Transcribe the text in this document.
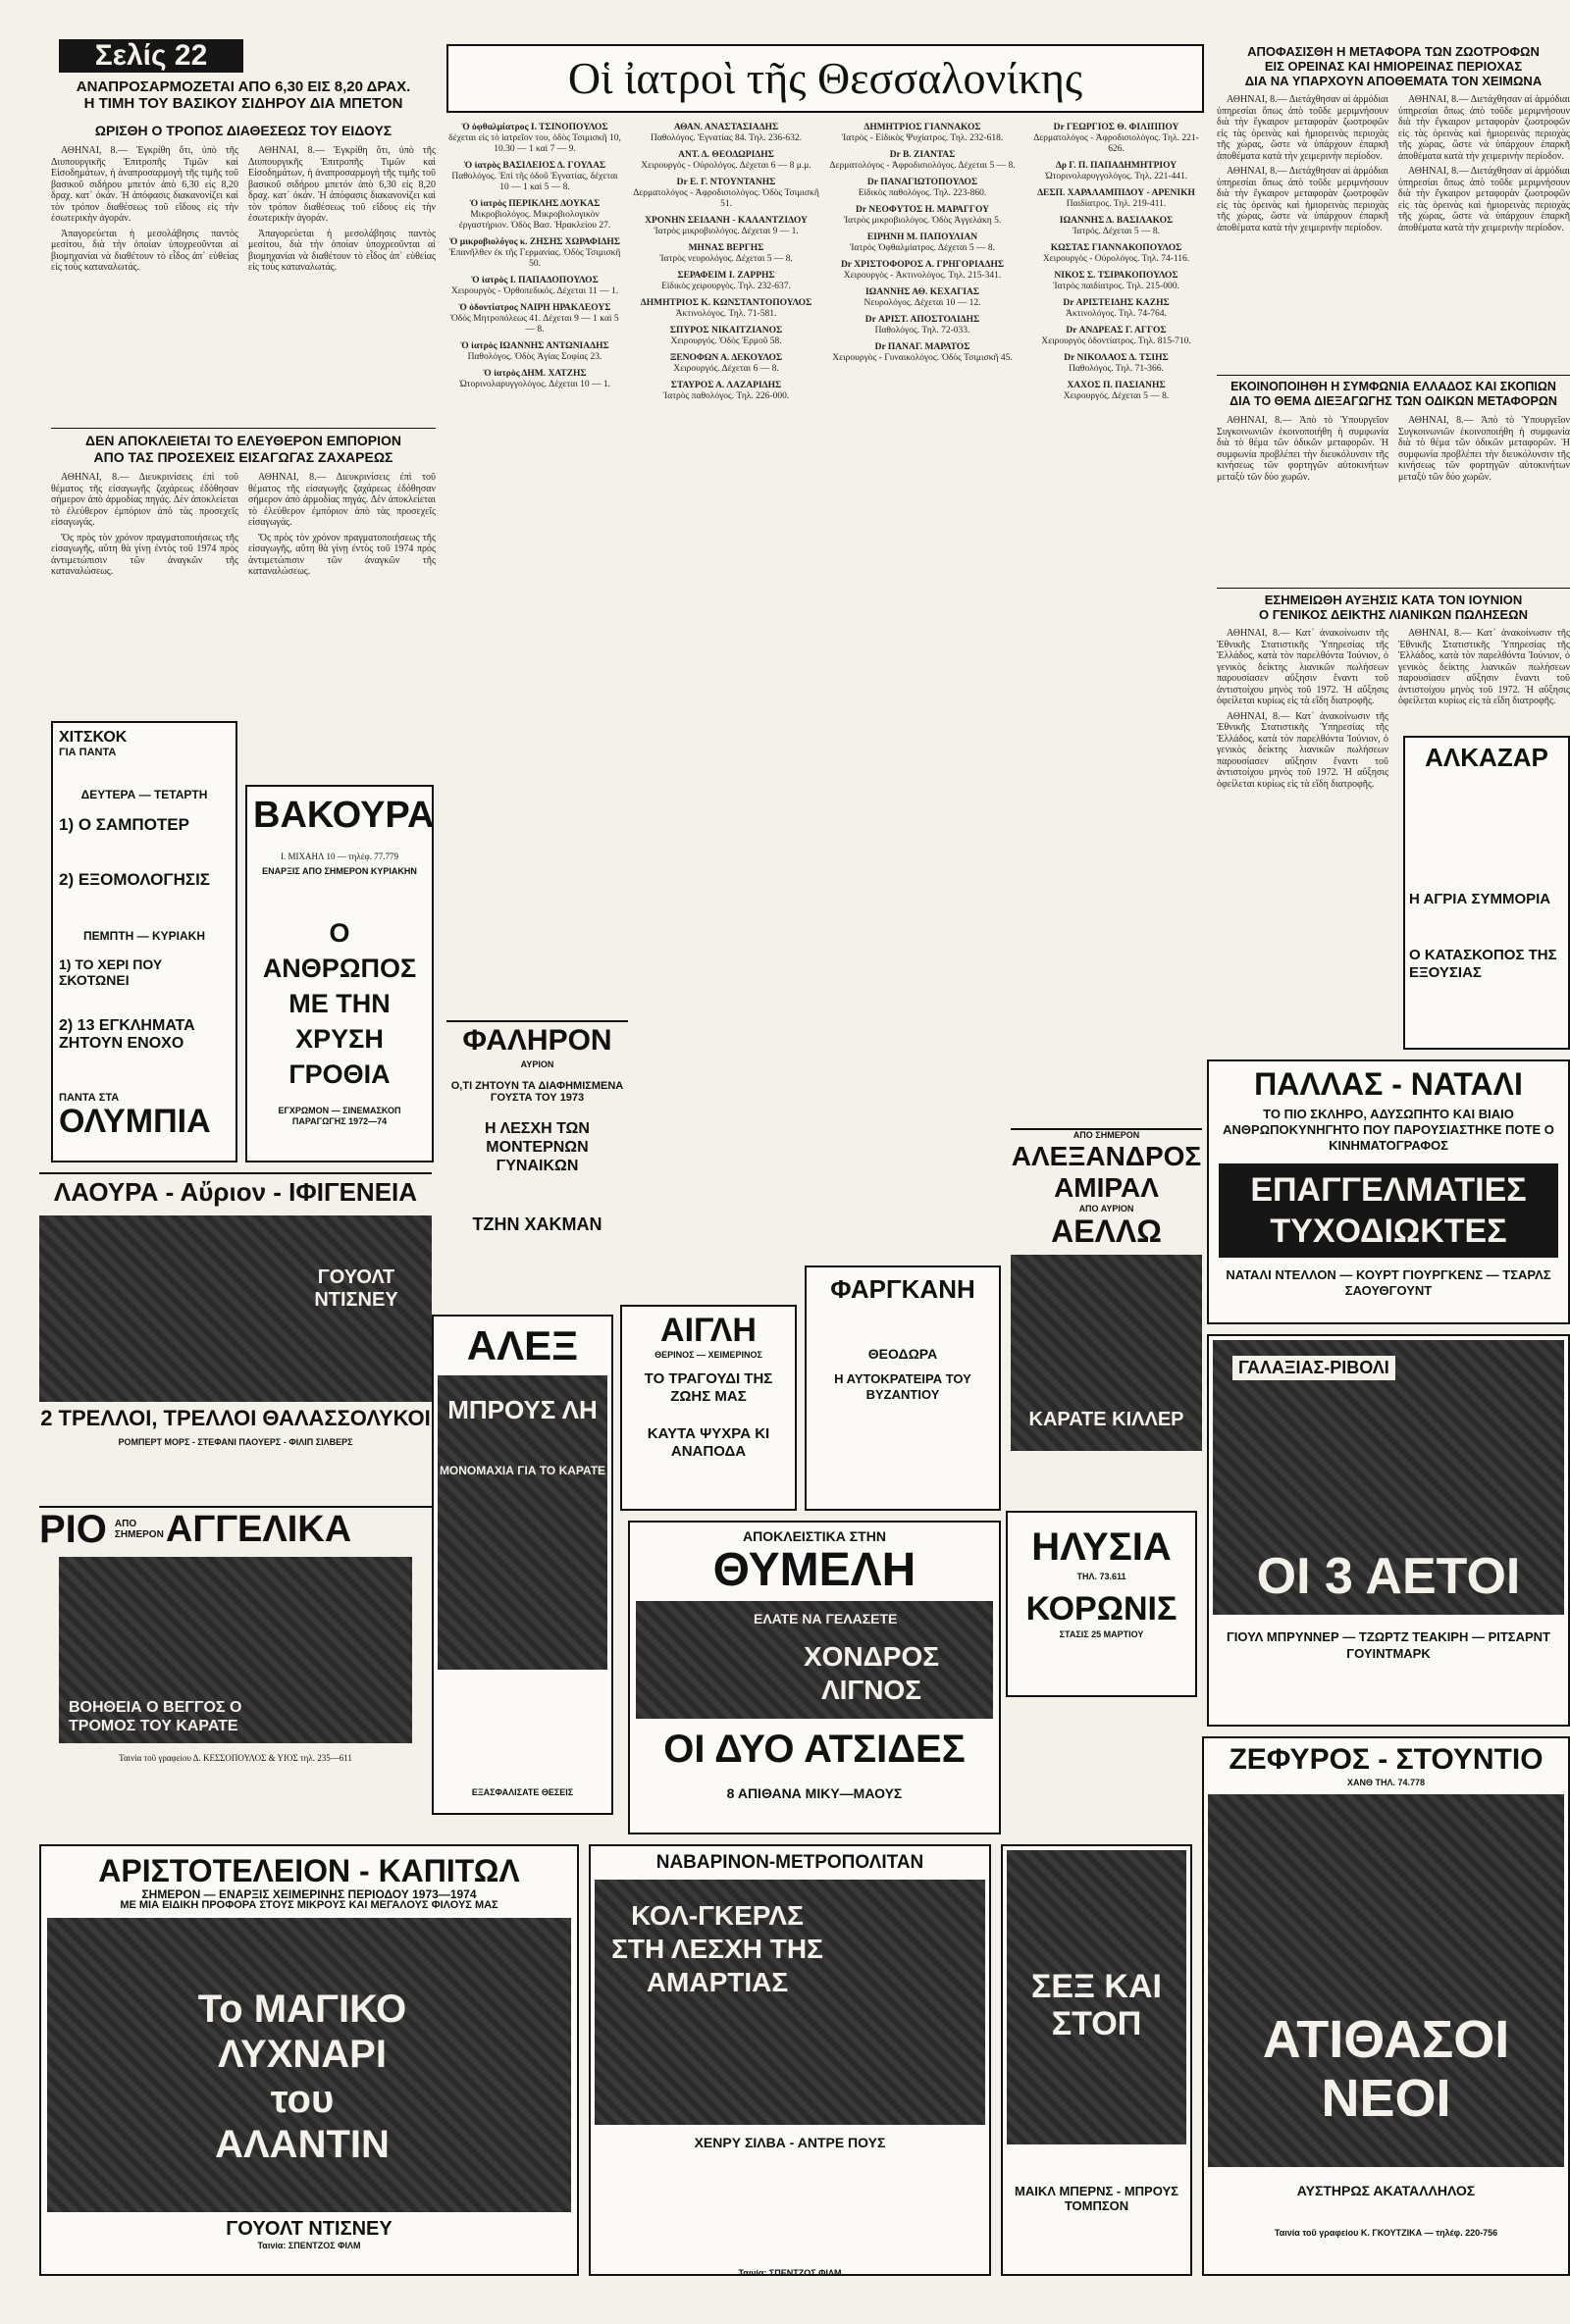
Σελίς 22
ΑΝΑΠΡΟΣΑΡΜΟΖΕΤΑΙ ΑΠΟ 6,30 ΕΙΣ 8,20 ΔΡΑΧ.
Η ΤΙΜΗ ΤΟΥ ΒΑΣΙΚΟΥ ΣΙΔΗΡΟΥ ΔΙΑ ΜΠΕΤΟΝ
ΩΡΙΣΘΗ Ο ΤΡΟΠΟΣ ΔΙΑΘΕΣΕΩΣ ΤΟΥ ΕΙΔΟΥΣ

ΑΘΗΝΑΙ, 8.— Ἐγκρίθη ὅτι, ὑπὸ τῆς Διυπουργικῆς Ἐπιτροπῆς Τιμῶν καὶ Εἰσοδημάτων, ἡ ἀναπροσαρμογὴ τῆς τιμῆς τοῦ βασικοῦ σιδήρου μπετόν ἀπὸ 6,30 εἰς 8,20 δραχ. κατ᾽ ὀκάν. Ἡ ἀπόφασις διακανονίζει καὶ τὸν τρόπον διαθέσεως τοῦ εἴδους εἰς τὴν ἐσωτερικὴν ἀγοράν.

Ἀπαγορεύεται ἡ μεσολάβησις παντὸς μεσίτου, διὰ τὴν ὁποίαν ὑποχρεοῦνται αἱ βιομηχανίαι νὰ διαθέτουν τὸ εἶδος ἀπ᾽ εὐθείας εἰς τοὺς καταναλωτάς.

ΑΘΗΝΑΙ, 8.— Ἐγκρίθη ὅτι, ὑπὸ τῆς Διυπουργικῆς Ἐπιτροπῆς Τιμῶν καὶ Εἰσοδημάτων, ἡ ἀναπροσαρμογὴ τῆς τιμῆς τοῦ βασικοῦ σιδήρου μπετόν ἀπὸ 6,30 εἰς 8,20 δραχ. κατ᾽ ὀκάν. Ἡ ἀπόφασις διακανονίζει καὶ τὸν τρόπον διαθέσεως τοῦ εἴδους εἰς τὴν ἐσωτερικὴν ἀγοράν.

Ἀπαγορεύεται ἡ μεσολάβησις παντὸς μεσίτου, διὰ τὴν ὁποίαν ὑποχρεοῦνται αἱ βιομηχανίαι νὰ διαθέτουν τὸ εἶδος ἀπ᾽ εὐθείας εἰς τοὺς καταναλωτάς.

ΔΕΝ ΑΠΟΚΛΕΙΕΤΑΙ ΤΟ ΕΛΕΥΘΕΡΟΝ ΕΜΠΟΡΙΟΝ
ΑΠΟ ΤΑΣ ΠΡΟΣΕΧΕΙΣ ΕΙΣΑΓΩΓΑΣ ΖΑΧΑΡΕΩΣ

ΑΘΗΝΑΙ, 8.— Διευκρινίσεις ἐπὶ τοῦ θέματος τῆς εἰσαγωγῆς ζαχάρεως ἐδόθησαν σήμερον ἀπὸ ἁρμοδίας πηγάς. Δὲν ἀποκλείεται τὸ ἐλεύθερον ἐμπόριον ἀπὸ τὰς προσεχεῖς εἰσαγωγάς.

Ὅς πρὸς τὸν χρόνον πραγματοποιήσεως τῆς εἰσαγωγῆς, αὕτη θὰ γίνῃ ἐντὸς τοῦ 1974 πρὸς ἀντιμετώπισιν τῶν ἀναγκῶν τῆς καταναλώσεως.

ΑΘΗΝΑΙ, 8.— Διευκρινίσεις ἐπὶ τοῦ θέματος τῆς εἰσαγωγῆς ζαχάρεως ἐδόθησαν σήμερον ἀπὸ ἁρμοδίας πηγάς. Δὲν ἀποκλείεται τὸ ἐλεύθερον ἐμπόριον ἀπὸ τὰς προσεχεῖς εἰσαγωγάς.

Ὅς πρὸς τὸν χρόνον πραγματοποιήσεως τῆς εἰσαγωγῆς, αὕτη θὰ γίνῃ ἐντὸς τοῦ 1974 πρὸς ἀντιμετώπισιν τῶν ἀναγκῶν τῆς καταναλώσεως.

ΧΙΤΣΚΟΚ
ΓΙΑ ΠΑΝΤΑ
ΔΕΥΤΕΡΑ — ΤΕΤΑΡΤΗ
1) Ο ΣΑΜΠΟΤΕΡ
2) ΕΞΟΜΟΛΟΓΗΣΙΣ
ΠΕΜΠΤΗ — ΚΥΡΙΑΚΗ
1) ΤΟ ΧΕΡΙ ΠΟΥ ΣΚΟΤΩΝΕΙ
2) 13 ΕΓΚΛΗΜΑΤΑ ΖΗΤΟΥΝ ΕΝΟΧΟ
ΠΑΝΤΑ ΣΤΑ
ΟΛΥΜΠΙΑ
ΒΑΚΟΥΡΑ
Ι. ΜΙΧΑΗΛ 10 — τηλέφ. 77.779
ΕΝΑΡΞΙΣ ΑΠΟ ΣΗΜΕΡΟΝ ΚΥΡΙΑΚΗΝ
Ο ΑΝΘΡΩΠΟΣ ΜΕ ΤΗΝ ΧΡΥΣΗ ΓΡΟΘΙΑ
ΕΓΧΡΩΜΟΝ — ΣΙΝΕΜΑΣΚΟΠ
ΠΑΡΑΓΩΓΗΣ 1972—74
ΛΑΟΥΡΑ - Αὔριον - ΙΦΙΓΕΝΕΙΑ
ΓΟΥΟΛΤ ΝΤΙΣΝΕΥ
2 ΤΡΕΛΛΟΙ, ΤΡΕΛΛΟΙ ΘΑΛΑΣΣΟΛΥΚΟΙ
ΡΟΜΠΕΡΤ ΜΟΡΣ - ΣΤΕΦΑΝΙ ΠΑΟΥΕΡΣ - ΦΙΛΙΠ ΣΙΛΒΕΡΣ
ΡΙΟ ΑΠΟ ΣΗΜΕΡΟΝ ΑΓΓΕΛΙΚΑ
ΒΟΗΘΕΙΑ Ο ΒΕΓΓΟΣ Ο ΤΡΟΜΟΣ ΤΟΥ ΚΑΡΑΤΕ
Ταινία τοῦ γραφείου Δ. ΚΕΣΣΟΠΟΥΛΟΣ & ΥΙΟΣ τηλ. 235—611
Οἱ ἰατροὶ τῆς Θεσσαλονίκης
Ὁ ὀφθαλμίατρος Ι. ΤΣΙΝΟΠΟΥΛΟΣ
δέχεται εἰς τὸ ἰατρεῖον του, ὁδὸς Τσιμισκῆ 10, 10.30 — 1 καὶ 7 — 9.
Ὁ ἰατρὸς ΒΑΣΙΛΕΙΟΣ Δ. ΓΟΥΛΑΣ
Παθολόγος. Ἐπὶ τῆς ὁδοῦ Ἐγνατίας, δέχεται 10 — 1 καὶ 5 — 8.
Ὁ ἰατρὸς ΠΕΡΙΚΛΗΣ ΔΟΥΚΑΣ
Μικροβιολόγος. Μικροβιολογικὸν ἐργαστήριον. Ὁδὸς Βασ. Ἡρακλείου 27.
Ὁ μικροβιολόγος κ. ΖΗΣΗΣ ΧΩΡΑΦΙΔΗΣ
Ἐπανῆλθεν ἐκ τῆς Γερμανίας. Ὁδὸς Τσιμισκῆ 50.
Ὁ ἰατρὸς Ι. ΠΑΠΑΔΟΠΟΥΛΟΣ
Χειρουργὸς - Ὀρθοπεδικός. Δέχεται 11 — 1.
Ὁ ὀδοντίατρος ΝΑΙΡΗ ΗΡΑΚΛΕΟΥΣ
Ὁδὸς Μητροπόλεως 41. Δέχεται 9 — 1 καὶ 5 — 8.
Ὁ ἰατρὸς ΙΩΑΝΝΗΣ ΑΝΤΩΝΙΑΔΗΣ
Παθολόγος. Ὁδὸς Ἀγίας Σοφίας 23.
Ὁ ἰατρὸς ΔΗΜ. ΧΑΤΖΗΣ
Ὠτορινολαρυγγολόγος. Δέχεται 10 — 1.
ΑΘΑΝ. ΑΝΑΣΤΑΣΙΑΔΗΣ
Παθολόγος. Ἐγνατίας 84. Τηλ. 236-632.
ΑΝΤ. Δ. ΘΕΟΔΩΡΙΔΗΣ
Χειρουργὸς - Οὐρολόγος. Δέχεται 6 — 8 μ.μ.
Dr Ε. Γ. ΝΤΟΥΝΤΑΝΗΣ
Δερματολόγος - Ἀφροδισιολόγος. Ὁδὸς Τσιμισκῆ 51.
ΧΡΟΝΗΝ ΣΕΙΔΑΝΗ - ΚΑΛΑΝΤΖΙΔΟΥ
Ἰατρὸς μικροβιολόγος. Δέχεται 9 — 1.
ΜΗΝΑΣ ΒΕΡΓΗΣ
Ἰατρὸς νευρολόγος. Δέχεται 5 — 8.
ΣΕΡΑΦΕΙΜ Ι. ΖΑΡΡΗΣ
Εἰδικὸς χειρουργὸς. Τηλ. 232-637.
ΔΗΜΗΤΡΙΟΣ Κ. ΚΩΝΣΤΑΝΤΟΠΟΥΛΟΣ
Ἀκτινολόγος. Τηλ. 71-581.
ΣΠΥΡΟΣ ΝΙΚΑΙΤΖΙΑΝΟΣ
Χειρουργός. Ὁδὸς Ἑρμοῦ 58.
ΞΕΝΟΦΩΝ Α. ΔΕΚΟΥΛΟΣ
Χειρουργός. Δέχεται 6 — 8.
ΣΤΑΥΡΟΣ Α. ΛΑΖΑΡΙΔΗΣ
Ἰατρὸς παθολόγος. Τηλ. 226-000.
ΔΗΜΗΤΡΙΟΣ ΓΙΑΝΝΑΚΟΣ
Ἰατρὸς - Εἰδικὸς Ψυχίατρος. Τηλ. 232-618.
Dr Β. ΖΙΑΝΤΑΣ
Δερματολόγος - Ἀφροδισιολόγος. Δέχεται 5 — 8.
Dr ΠΑΝΑΓΙΩΤΟΠΟΥΛΟΣ
Εἰδικὸς παθολόγος. Τηλ. 223-860.
Dr ΝΕΟΦΥΤΟΣ Η. ΜΑΡΑΓΓΟΥ
Ἰατρὸς μικροβιολόγος. Ὁδὸς Ἀγγελάκη 5.
ΕΙΡΗΝΗ Μ. ΠΑΠΟΥΛΙΑΝ
Ἰατρὸς Ὀφθαλμίατρος. Δέχεται 5 — 8.
Dr ΧΡΙΣΤΟΦΟΡΟΣ Α. ΓΡΗΓΟΡΙΑΔΗΣ
Χειρουργὸς - Ἀκτινολόγος. Τηλ. 215-341.
ΙΩΑΝΝΗΣ ΑΘ. ΚΕΧΑΓΙΑΣ
Νευρολόγος. Δέχεται 10 — 12.
Dr ΑΡΙΣΤ. ΑΠΟΣΤΟΛΙΔΗΣ
Παθολόγος. Τηλ. 72-033.
Dr ΠΑΝΑΓ. ΜΑΡΑΤΟΣ
Χειρουργὸς - Γυναικολόγος. Ὁδὸς Τσιμισκῆ 45.
Dr ΓΕΩΡΓΙΟΣ Θ. ΦΙΛΙΠΠΟΥ
Δερματολόγος - Ἀφροδισιολόγος. Τηλ. 221-626.
Δρ Γ. Π. ΠΑΠΑΔΗΜΗΤΡΙΟΥ
Ὠτορινολαρυγγολόγος. Τηλ. 221-441.
ΔΕΣΠ. ΧΑΡΑΛΑΜΠΙΔΟΥ - ΑΡΕΝΙΚΗ
Παιδίατρος. Τηλ. 219-411.
ΙΩΑΝΝΗΣ Δ. ΒΑΣΙΛΑΚΟΣ
Ἰατρός. Δέχεται 5 — 8.
ΚΩΣΤΑΣ ΓΙΑΝΝΑΚΟΠΟΥΛΟΣ
Χειρουργὸς - Οὐρολόγος. Τηλ. 74-116.
ΝΙΚΟΣ Σ. ΤΣΙΡΑΚΟΠΟΥΛΟΣ
Ἰατρὸς παιδίατρος. Τηλ. 215-000.
Dr ΑΡΙΣΤΕΙΔΗΣ ΚΑΖΗΣ
Ἀκτινολόγος. Τηλ. 74-764.
Dr ΑΝΔΡΕΑΣ Γ. ΑΓΓΟΣ
Χειρουργὸς ὀδοντίατρος. Τηλ. 815-710.
Dr ΝΙΚΟΛΑΟΣ Δ. ΤΣΙΗΣ
Παθολόγος. Τηλ. 71-366.
ΧΑΧΟΣ Π. ΠΑΣΙΑΝΗΣ
Χειρουργός. Δέχεται 5 — 8.
ΦΑΛΗΡΟΝ
ΑΥΡΙΟΝ
Ο,ΤΙ ΖΗΤΟΥΝ ΤΑ ΔΙΑΦΗΜΙΣΜΕΝΑ ΓΟΥΣΤΑ ΤΟΥ 1973
Η ΛΕΣΧΗ ΤΩΝ ΜΟΝΤΕΡΝΩΝ ΓΥΝΑΙΚΩΝ
ΤΖΗΝ ΧΑΚΜΑΝ
ΑΛΕΞ
ΜΠΡΟΥΣ ΛΗ
ΜΟΝΟΜΑΧΙΑ ΓΙΑ ΤΟ ΚΑΡΑΤΕ
ΕΞΑΣΦΑΛΙΣΑΤΕ ΘΕΣΕΙΣ
ΑΙΓΛΗ
ΘΕΡΙΝΟΣ — ΧΕΙΜΕΡΙΝΟΣ
ΤΟ ΤΡΑΓΟΥΔΙ ΤΗΣ ΖΩΗΣ ΜΑΣ
ΚΑΥΤΑ ΨΥΧΡΑ ΚΙ ΑΝΑΠΟΔΑ
ΦΑΡΓΚΑΝΗ
ΘΕΟΔΩΡΑ
Η ΑΥΤΟΚΡΑΤΕΙΡΑ ΤΟΥ ΒΥΖΑΝΤΙΟΥ
ΑΠΟΚΛΕΙΣΤΙΚΑ ΣΤΗΝ
ΘΥΜΕΛΗ
ΕΛΑΤΕ ΝΑ ΓΕΛΑΣΕΤΕ
ΧΟΝΔΡΟΣ ΛΙΓΝΟΣ
ΟΙ ΔΥΟ ΑΤΣΙΔΕΣ
8 ΑΠΙΘΑΝΑ ΜΙΚΥ—ΜΑΟΥΣ
ΑΠΟ ΣΗΜΕΡΟΝ
ΑΛΕΞΑΝΔΡΟΣ ΑΜΙΡΑΛ
ΑΠΟ ΑΥΡΙΟΝ
ΑΕΛΛΩ
ΚΑΡΑΤΕ ΚΙΛΛΕΡ
ΗΛΥΣΙΑ
ΤΗΛ. 73.611
ΚΟΡΩΝΙΣ
ΣΤΑΣΙΣ 25 ΜΑΡΤΙΟΥ
ΣΕΞ ΚΑΙ ΣΤΟΠ
ΜΑΙΚΛ ΜΠΕΡΝΣ - ΜΠΡΟΥΣ ΤΟΜΠΣΟΝ
ΝΑΒΑΡΙΝΟΝ-ΜΕΤΡΟΠΟΛΙΤΑΝ
ΚΟΛ-ΓΚΕΡΛΣ ΣΤΗ ΛΕΣΧΗ ΤΗΣ ΑΜΑΡΤΙΑΣ
ΧΕΝΡΥ ΣΙΛΒΑ - ΑΝΤΡΕ ΠΟΥΣ
Ταινία: ΣΠΕΝΤΖΟΣ ΦΙΛΜ
ΑΡΙΣΤΟΤΕΛΕΙΟΝ - ΚΑΠΙΤΩΛ
ΣΗΜΕΡΟΝ — ΕΝΑΡΞΙΣ ΧΕΙΜΕΡΙΝΗΣ ΠΕΡΙΟΔΟΥ 1973—1974
ΜΕ ΜΙΑ ΕΙΔΙΚΗ ΠΡΟΦΟΡΑ ΣΤΟΥΣ ΜΙΚΡΟΥΣ ΚΑΙ ΜΕΓΑΛΟΥΣ ΦΙΛΟΥΣ ΜΑΣ
Το ΜΑΓΙΚΟ ΛΥΧΝΑΡΙ του ΑΛΑΝΤΙΝ
ΓΟΥΟΛΤ ΝΤΙΣΝΕΥ
Ταινία: ΣΠΕΝΤΖΟΣ ΦΙΛΜ
ΑΠΟΦΑΣΙΣΘΗ Η ΜΕΤΑΦΟΡΑ ΤΩΝ ΖΩΟΤΡΟΦΩΝ
ΕΙΣ ΟΡΕΙΝΑΣ ΚΑΙ ΗΜΙΟΡΕΙΝΑΣ ΠΕΡΙΟΧΑΣ
ΔΙΑ ΝΑ ΥΠΑΡΧΟΥΝ ΑΠΟΘΕΜΑΤΑ ΤΟΝ ΧΕΙΜΩΝΑ

ΑΘΗΝΑΙ, 8.— Διετάχθησαν αἱ ἁρμόδιαι ὑπηρεσίαι ὅπως ἀπὸ τοῦδε μεριμνήσουν διὰ τὴν ἔγκαιρον μεταφορὰν ζωοτροφῶν εἰς τὰς ὀρεινὰς καὶ ἡμιορεινὰς περιοχὰς τῆς χώρας, ὥστε νὰ ὑπάρχουν ἐπαρκῆ ἀποθέματα κατὰ τὴν χειμερινὴν περίοδον.

ΑΘΗΝΑΙ, 8.— Διετάχθησαν αἱ ἁρμόδιαι ὑπηρεσίαι ὅπως ἀπὸ τοῦδε μεριμνήσουν διὰ τὴν ἔγκαιρον μεταφορὰν ζωοτροφῶν εἰς τὰς ὀρεινὰς καὶ ἡμιορεινὰς περιοχὰς τῆς χώρας, ὥστε νὰ ὑπάρχουν ἐπαρκῆ ἀποθέματα κατὰ τὴν χειμερινὴν περίοδον.

ΑΘΗΝΑΙ, 8.— Διετάχθησαν αἱ ἁρμόδιαι ὑπηρεσίαι ὅπως ἀπὸ τοῦδε μεριμνήσουν διὰ τὴν ἔγκαιρον μεταφορὰν ζωοτροφῶν εἰς τὰς ὀρεινὰς καὶ ἡμιορεινὰς περιοχὰς τῆς χώρας, ὥστε νὰ ὑπάρχουν ἐπαρκῆ ἀποθέματα κατὰ τὴν χειμερινὴν περίοδον.

ΑΘΗΝΑΙ, 8.— Διετάχθησαν αἱ ἁρμόδιαι ὑπηρεσίαι ὅπως ἀπὸ τοῦδε μεριμνήσουν διὰ τὴν ἔγκαιρον μεταφορὰν ζωοτροφῶν εἰς τὰς ὀρεινὰς καὶ ἡμιορεινὰς περιοχὰς τῆς χώρας, ὥστε νὰ ὑπάρχουν ἐπαρκῆ ἀποθέματα κατὰ τὴν χειμερινὴν περίοδον.

ΕΚΟΙΝΟΠΟΙΗΘΗ Η ΣΥΜΦΩΝΙΑ ΕΛΛΑΔΟΣ ΚΑΙ ΣΚΟΠΙΩΝ
ΔΙΑ ΤΟ ΘΕΜΑ ΔΙΕΞΑΓΩΓΗΣ ΤΩΝ ΟΔΙΚΩΝ ΜΕΤΑΦΟΡΩΝ

ΑΘΗΝΑΙ, 8.— Ἀπὸ τὸ Ὑπουργεῖον Συγκοινωνιῶν ἐκοινοποιήθη ἡ συμφωνία διὰ τὸ θέμα τῶν ὁδικῶν μεταφορῶν. Ἡ συμφωνία προβλέπει τὴν διευκόλυνσιν τῆς κινήσεως τῶν φορτηγῶν αὐτοκινήτων μεταξὺ τῶν δύο χωρῶν.

ΑΘΗΝΑΙ, 8.— Ἀπὸ τὸ Ὑπουργεῖον Συγκοινωνιῶν ἐκοινοποιήθη ἡ συμφωνία διὰ τὸ θέμα τῶν ὁδικῶν μεταφορῶν. Ἡ συμφωνία προβλέπει τὴν διευκόλυνσιν τῆς κινήσεως τῶν φορτηγῶν αὐτοκινήτων μεταξὺ τῶν δύο χωρῶν.

ΕΣΗΜΕΙΩΘΗ ΑΥΞΗΣΙΣ ΚΑΤΑ ΤΟΝ ΙΟΥΝΙΟΝ
Ο ΓΕΝΙΚΟΣ ΔΕΙΚΤΗΣ ΛΙΑΝΙΚΩΝ ΠΩΛΗΣΕΩΝ

ΑΘΗΝΑΙ, 8.— Κατ᾽ ἀνακοίνωσιν τῆς Ἐθνικῆς Στατιστικῆς Ὑπηρεσίας τῆς Ἑλλάδος, κατὰ τὸν παρελθόντα Ἰούνιον, ὁ γενικὸς δείκτης λιανικῶν πωλήσεων παρουσίασεν αὔξησιν ἔναντι τοῦ ἀντιστοίχου μηνὸς τοῦ 1972. Ἡ αὔξησις ὀφείλεται κυρίως εἰς τὰ εἴδη διατροφῆς.

ΑΘΗΝΑΙ, 8.— Κατ᾽ ἀνακοίνωσιν τῆς Ἐθνικῆς Στατιστικῆς Ὑπηρεσίας τῆς Ἑλλάδος, κατὰ τὸν παρελθόντα Ἰούνιον, ὁ γενικὸς δείκτης λιανικῶν πωλήσεων παρουσίασεν αὔξησιν ἔναντι τοῦ ἀντιστοίχου μηνὸς τοῦ 1972. Ἡ αὔξησις ὀφείλεται κυρίως εἰς τὰ εἴδη διατροφῆς.

ΑΘΗΝΑΙ, 8.— Κατ᾽ ἀνακοίνωσιν τῆς Ἐθνικῆς Στατιστικῆς Ὑπηρεσίας τῆς Ἑλλάδος, κατὰ τὸν παρελθόντα Ἰούνιον, ὁ γενικὸς δείκτης λιανικῶν πωλήσεων παρουσίασεν αὔξησιν ἔναντι τοῦ ἀντιστοίχου μηνὸς τοῦ 1972. Ἡ αὔξησις ὀφείλεται κυρίως εἰς τὰ εἴδη διατροφῆς.

ΑΛΚΑΖΑΡ
Η ΑΓΡΙΑ ΣΥΜΜΟΡΙΑ
Ο ΚΑΤΑΣΚΟΠΟΣ ΤΗΣ ΕΞΟΥΣΙΑΣ
ΠΑΛΛΑΣ - ΝΑΤΑΛΙ
ΤΟ ΠΙΟ ΣΚΛΗΡΟ, ΑΔΥΣΩΠΗΤΟ ΚΑΙ ΒΙΑΙΟ ΑΝΘΡΩΠΟΚΥΝΗΓΗΤΟ ΠΟΥ ΠΑΡΟΥΣΙΑΣΤΗΚΕ ΠΟΤΕ Ο ΚΙΝΗΜΑΤΟΓΡΑΦΟΣ
ΕΠΑΓΓΕΛΜΑΤΙΕΣ ΤΥΧΟΔΙΩΚΤΕΣ
ΝΑΤΑΛΙ ΝΤΕΛΛΟΝ — ΚΟΥΡΤ ΓΙΟΥΡΓΚΕΝΣ — ΤΣΑΡΛΣ ΣΑΟΥΘΓΟΥΝΤ
ΓΑΛΑΞΙΑΣ-ΡΙΒΟΛΙ
ΟΙ 3 ΑΕΤΟΙ
ΓΙΟΥΛ ΜΠΡΥΝΝΕΡ — ΤΖΩΡΤΖ ΤΕΑΚΙΡΗ — ΡΙΤΣΑΡΝΤ ΓΟΥΙΝΤΜΑΡΚ
ΖΕΦΥΡΟΣ - ΣΤΟΥΝΤΙΟ
ΧΑΝΘ ΤΗΛ. 74.778
ΑΤΙΘΑΣΟΙ ΝΕΟΙ
ΑΥΣΤΗΡΩΣ ΑΚΑΤΑΛΛΗΛΟΣ
Ταινία τοῦ γραφείου Κ. ΓΚΟΥΤΖΙΚΑ — τηλέφ. 220-756
